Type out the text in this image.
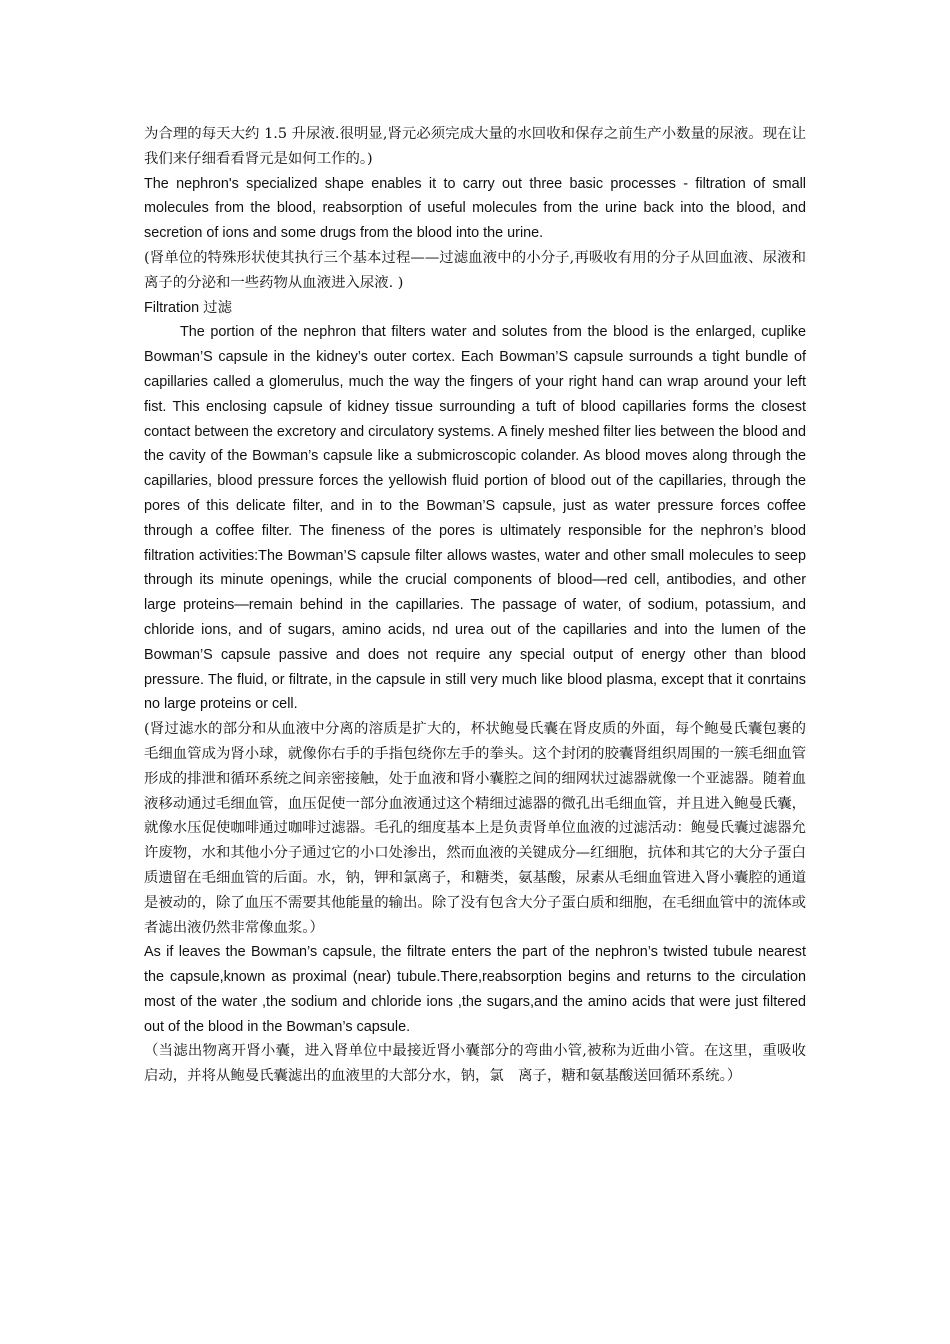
为合理的每天大约 1.5 升尿液.很明显,肾元必须完成大量的水回收和保存之前生产小数量的尿液。现在让我们来仔细看看肾元是如何工作的。)

The nephron's specialized shape enables it to carry out three basic processes - filtration of small molecules from the blood, reabsorption of useful molecules from the urine back into the blood, and secretion of ions and some drugs from the blood into the urine.

(肾单位的特殊形状使其执行三个基本过程——过滤血液中的小分子,再吸收有用的分子从回血液、尿液和离子的分泌和一些药物从血液进入尿液. )

Filtration 过滤

The portion of the nephron that filters water and solutes from the blood is the enlarged, cuplike Bowman’S capsule in the kidney’s outer cortex. Each Bowman’S capsule surrounds a tight bundle of capillaries called a glomerulus, much the way the fingers of your right hand can wrap around your left fist. This enclosing capsule of kidney tissue surrounding a tuft of blood capillaries forms the closest contact between the excretory and circulatory systems. A finely meshed filter lies between the blood and the cavity of the Bowman’s capsule like a submicroscopic colander. As blood moves along through the capillaries, blood pressure forces the yellowish fluid portion of blood out of the capillaries, through the pores of this delicate filter, and in to the Bowman’S capsule, just as water pressure forces coffee through a coffee filter. The fineness of the pores is ultimately responsible for the nephron’s blood filtration activities:The Bowman’S capsule filter allows wastes, water and other small molecules to seep through its minute openings, while the crucial components of blood—red cell, antibodies, and other large proteins—remain behind in the capillaries. The passage of water, of sodium, potassium, and chloride ions, and of sugars, amino acids, nd urea out of the capillaries and into the lumen of the Bowman’S capsule passive and does not require any special output of energy other than blood pressure. The fluid, or filtrate, in the capsule in still very much like blood plasma, except that it conrtains no large proteins or cell.

(肾过滤水的部分和从血液中分离的溶质是扩大的，杯状鲍曼氏囊在肾皮质的外面，每个鲍曼氏囊包裹的毛细血管成为肾小球，就像你右手的手指包绕你左手的拳头。这个封闭的胶囊肾组织周围的一簇毛细血管形成的排泄和循环系统之间亲密接触，处于血液和肾小囊腔之间的细网状过滤器就像一个亚滤器。随着血液移动通过毛细血管，血压促使一部分血液通过这个精细过滤器的微孔出毛细血管，并且进入鲍曼氏囊，就像水压促使咖啡通过咖啡过滤器。毛孔的细度基本上是负责肾单位血液的过滤活动：鲍曼氏囊过滤器允许废物，水和其他小分子通过它的小口处渗出，然而血液的关键成分—红细胞，抗体和其它的大分子蛋白质遗留在毛细血管的后面。水，钠，钾和氯离子，和糖类，氨基酸，尿素从毛细血管进入肾小囊腔的通道是被动的，除了血压不需要其他能量的输出。除了没有包含大分子蛋白质和细胞，在毛细血管中的流体或者滤出液仍然非常像血浆。）

As if leaves the Bowman’s capsule, the filtrate enters the part of the nephron’s twisted tubule nearest the capsule,known as proximal (near) tubule.There,reabsorption begins and returns to the circulation most of the water ,the sodium and chloride ions ,the sugars,and the amino acids that were just filtered out of the blood in the Bowman’s capsule.

（当滤出物离开肾小囊，进入肾单位中最接近肾小囊部分的弯曲小管,被称为近曲小管。在这里，重吸收启动，并将从鲍曼氏囊滤出的血液里的大部分水，钠，氯　离子，糖和氨基酸送回循环系统。）
